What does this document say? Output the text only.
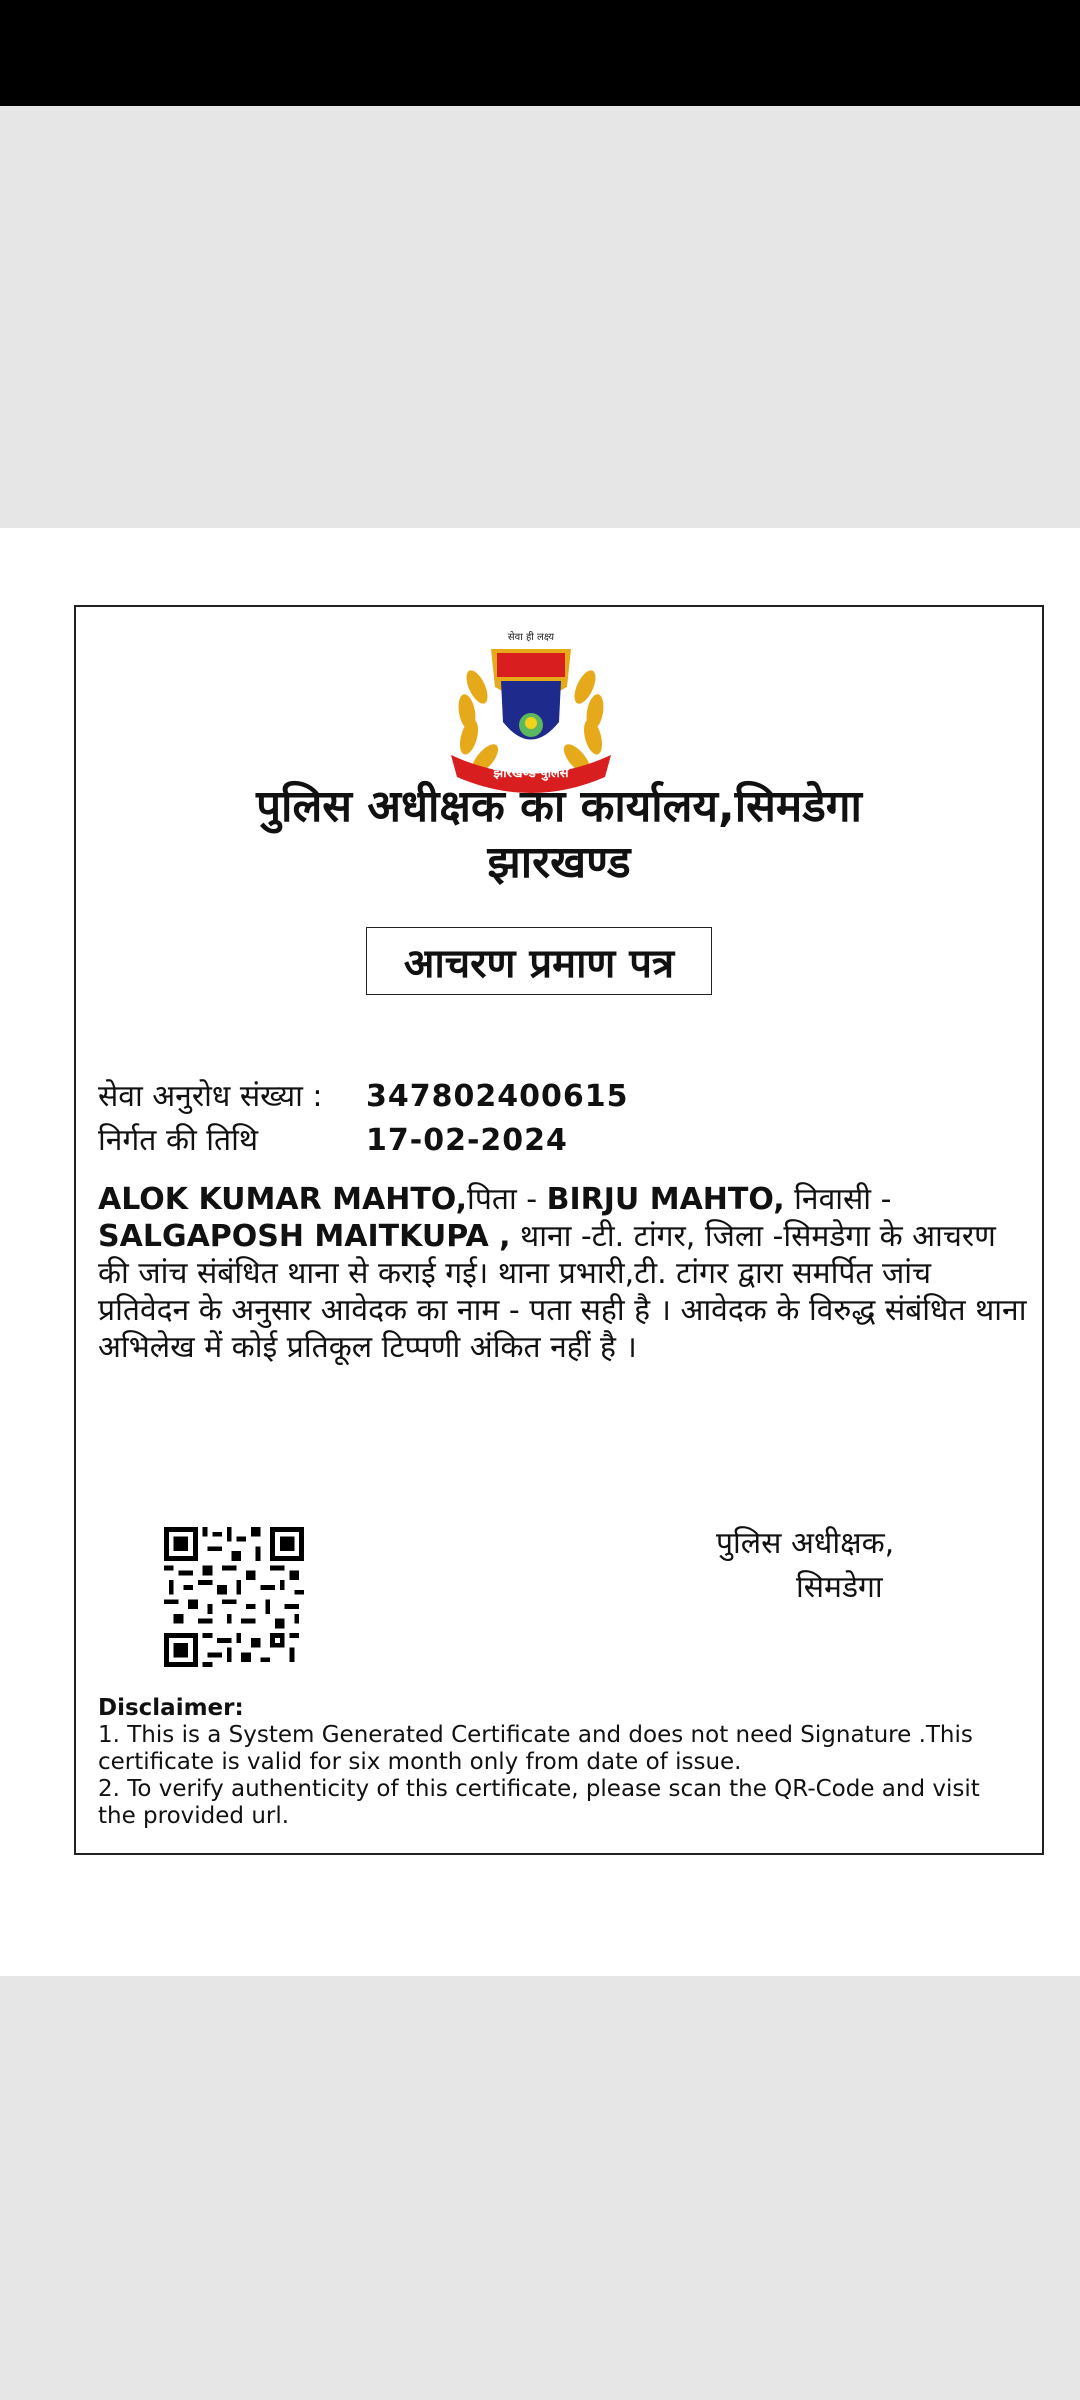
सेवा ही लक्ष्य
झारखण्ड पुलिस
पुलिस अधीक्षक का कार्यालय,सिमडेगा
झारखण्ड
आचरण प्रमाण पत्र
सेवा अनुरोध संख्या :	347802400615
निर्गत की तिथि	17-02-2024
ALOK KUMAR MAHTO,पिता - BIRJU MAHTO, निवासी - SALGAPOSH MAITKUPA , थाना -टी. टांगर, जिला -सिमडेगा के आचरण की जांच संबंधित थाना से कराई गई। थाना प्रभारी,टी. टांगर द्वारा समर्पित जांच प्रतिवेदन के अनुसार आवेदक का नाम - पता सही है । आवेदक के विरुद्ध संबंधित थाना अभिलेख में कोई प्रतिकूल टिप्पणी अंकित नहीं है ।
पुलिस अधीक्षक,
सिमडेगा
Disclaimer:
1. This is a System Generated Certificate and does not need Signature .This certificate is valid for six month only from date of issue.
2. To verify authenticity of this certificate, please scan the QR-Code and visit the provided url.
